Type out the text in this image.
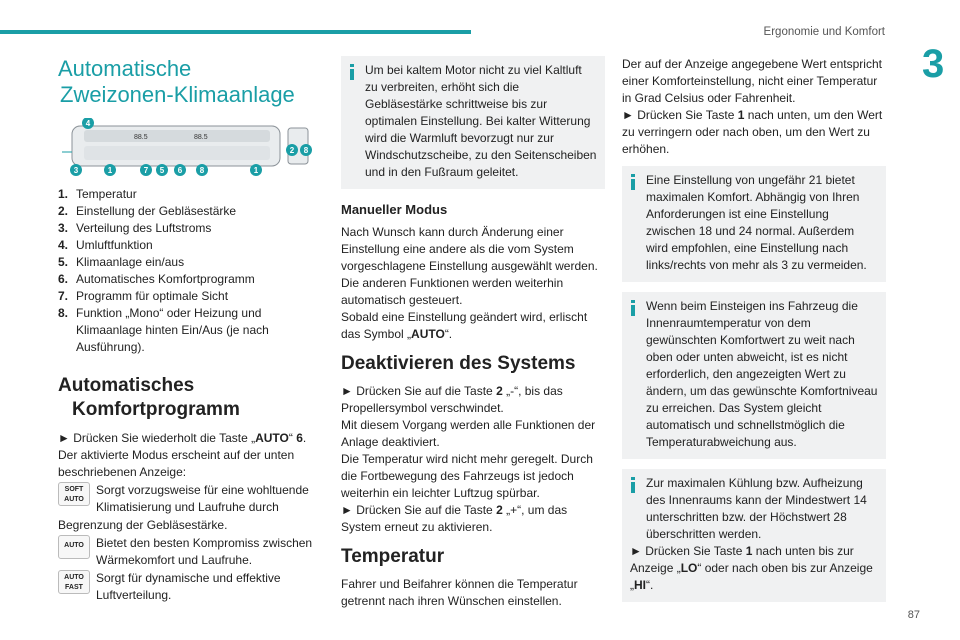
Ergonomie und Komfort
3
87
Automatische
Zweizonen-Klimaanlage
88.5	88.5
4
3	1	7 5 6 8	1
2 8
1. Temperatur
2. Einstellung der Gebläsestärke
3. Verteilung des Luftstroms
4. Umluftfunktion
5. Klimaanlage ein/aus
6. Automatisches Komfortprogramm
7. Programm für optimale Sicht
8. Funktion „Mono“ oder Heizung und Klimaanlage hinten Ein/Aus (je nach Ausführung).
Automatisches
Komfortprogramm

► Drücken Sie wiederholt die Taste „AUTO“ 6.

Der aktivierte Modus erscheint auf der unten beschriebenen Anzeige:

SOFT
AUTO
Sorgt vorzugsweise für eine wohltuende Klimatisierung und Laufruhe durch

Begrenzung der Gebläsestärke.

AUTO	Bietet den besten Kompromiss zwischen Wärmekomfort und Laufruhe.
AUTO
FAST
Sorgt für dynamische und effektive Luftverteilung.

Um bei kaltem Motor nicht zu viel Kaltluft zu verbreiten, erhöht sich die Gebläsestärke schrittweise bis zur optimalen Einstellung. Bei kalter Witterung wird die Warmluft bevorzugt nur zur Windschutzscheibe, zu den Seitenscheiben und in den Fußraum geleitet.

Manueller Modus

Nach Wunsch kann durch Änderung einer Einstellung eine andere als die vom System vorgeschlagene Einstellung ausgewählt werden. Die anderen Funktionen werden weiterhin automatisch gesteuert.

Sobald eine Einstellung geändert wird, erlischt das Symbol „AUTO“.

Deaktivieren des Systems

► Drücken Sie auf die Taste 2 „-“, bis das Propellersymbol verschwindet.

Mit diesem Vorgang werden alle Funktionen der Anlage deaktiviert.

Die Temperatur wird nicht mehr geregelt. Durch die Fortbewegung des Fahrzeugs ist jedoch weiterhin ein leichter Luftzug spürbar.

► Drücken Sie auf die Taste 2 „+“, um das System erneut zu aktivieren.

Temperatur

Fahrer und Beifahrer können die Temperatur getrennt nach ihren Wünschen einstellen.

Der auf der Anzeige angegebene Wert entspricht einer Komforteinstellung, nicht einer Temperatur in Grad Celsius oder Fahrenheit.

► Drücken Sie Taste 1 nach unten, um den Wert zu verringern oder nach oben, um den Wert zu erhöhen.

Eine Einstellung von ungefähr 21 bietet maximalen Komfort. Abhängig von Ihren Anforderungen ist eine Einstellung zwischen 18 und 24 normal. Außerdem wird empfohlen, eine Einstellung nach links/rechts von mehr als 3 zu vermeiden.

Wenn beim Einsteigen ins Fahrzeug die Innenraumtemperatur von dem gewünschten Komfortwert zu weit nach oben oder unten abweicht, ist es nicht erforderlich, den angezeigten Wert zu ändern, um das gewünschte Komfortniveau zu erreichen. Das System gleicht automatisch und schnellstmöglich die Temperaturabweichung aus.

Zur maximalen Kühlung bzw. Aufheizung des Innenraums kann der Mindestwert 14 unterschritten bzw. der Höchstwert 28 überschritten werden.

► Drücken Sie Taste 1 nach unten bis zur Anzeige „LO“ oder nach oben bis zur Anzeige „HI“.
